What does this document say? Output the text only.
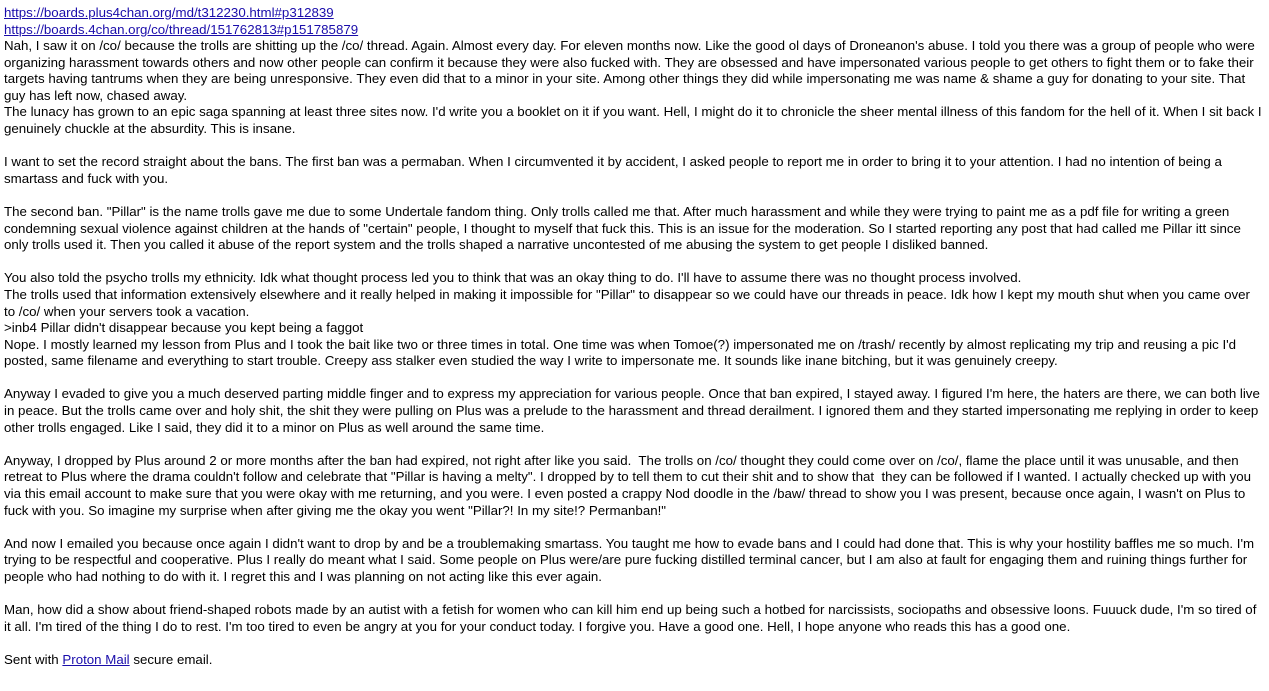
https://boards.plus4chan.org/md/t312230.html#p312839
https://boards.4chan.org/co/thread/151762813#p151785879

Nah, I saw it on /co/ because the trolls are shitting up the /co/ thread. Again. Almost every day. For eleven months now. Like the good ol days of Droneanon's abuse. I told you there was a group of people who were organizing harassment towards others and now other people can confirm it because they were also fucked with. They are obsessed and have impersonated various people to get others to fight them or to fake their targets having tantrums when they are being unresponsive. They even did that to a minor in your site. Among other things they did while impersonating me was name & shame a guy for donating to your site. That guy has left now, chased away.

The lunacy has grown to an epic saga spanning at least three sites now. I'd write you a booklet on it if you want. Hell, I might do it to chronicle the sheer mental illness of this fandom for the hell of it. When I sit back I genuinely chuckle at the absurdity. This is insane.

I want to set the record straight about the bans. The first ban was a permaban. When I circumvented it by accident, I asked people to report me in order to bring it to your attention. I had no intention of being a smartass and fuck with you.

The second ban. "Pillar" is the name trolls gave me due to some Undertale fandom thing. Only trolls called me that. After much harassment and while they were trying to paint me as a pdf file for writing a green condemning sexual violence against children at the hands of "certain" people, I thought to myself that fuck this. This is an issue for the moderation. So I started reporting any post that had called me Pillar itt since only trolls used it. Then you called it abuse of the report system and the trolls shaped a narrative uncontested of me abusing the system to get people I disliked banned.

You also told the psycho trolls my ethnicity. Idk what thought process led you to think that was an okay thing to do. I'll have to assume there was no thought process involved.

The trolls used that information extensively elsewhere and it really helped in making it impossible for "Pillar" to disappear so we could have our threads in peace. Idk how I kept my mouth shut when you came over to /co/ when your servers took a vacation.

>inb4 Pillar didn't disappear because you kept being a faggot

Nope. I mostly learned my lesson from Plus and I took the bait like two or three times in total. One time was when Tomoe(?) impersonated me on /trash/ recently by almost replicating my trip and reusing a pic I'd posted, same filename and everything to start trouble. Creepy ass stalker even studied the way I write to impersonate me. It sounds like inane bitching, but it was genuinely creepy.

Anyway I evaded to give you a much deserved parting middle finger and to express my appreciation for various people. Once that ban expired, I stayed away. I figured I'm here, the haters are there, we can both live in peace. But the trolls came over and holy shit, the shit they were pulling on Plus was a prelude to the harassment and thread derailment. I ignored them and they started impersonating me replying in order to keep other trolls engaged. Like I said, they did it to a minor on Plus as well around the same time.

Anyway, I dropped by Plus around 2 or more months after the ban had expired, not right after like you said.  The trolls on /co/ thought they could come over on /co/, flame the place until it was unusable, and then retreat to Plus where the drama couldn't follow and celebrate that "Pillar is having a melty". I dropped by to tell them to cut their shit and to show that  they can be followed if I wanted. I actually checked up with you via this email account to make sure that you were okay with me returning, and you were. I even posted a crappy Nod doodle in the /baw/ thread to show you I was present, because once again, I wasn't on Plus to fuck with you. So imagine my surprise when after giving me the okay you went "Pillar?! In my site!? Permanban!"

And now I emailed you because once again I didn't want to drop by and be a troublemaking smartass. You taught me how to evade bans and I could had done that. This is why your hostility baffles me so much. I'm trying to be respectful and cooperative. Plus I really do meant what I said. Some people on Plus were/are pure fucking distilled terminal cancer, but I am also at fault for engaging them and ruining things further for people who had nothing to do with it. I regret this and I was planning on not acting like this ever again.

Man, how did a show about friend-shaped robots made by an autist with a fetish for women who can kill him end up being such a hotbed for narcissists, sociopaths and obsessive loons. Fuuuck dude, I'm so tired of it all. I'm tired of the thing I do to rest. I'm too tired to even be angry at you for your conduct today. I forgive you. Have a good one. Hell, I hope anyone who reads this has a good one.

Sent with Proton Mail secure email.
